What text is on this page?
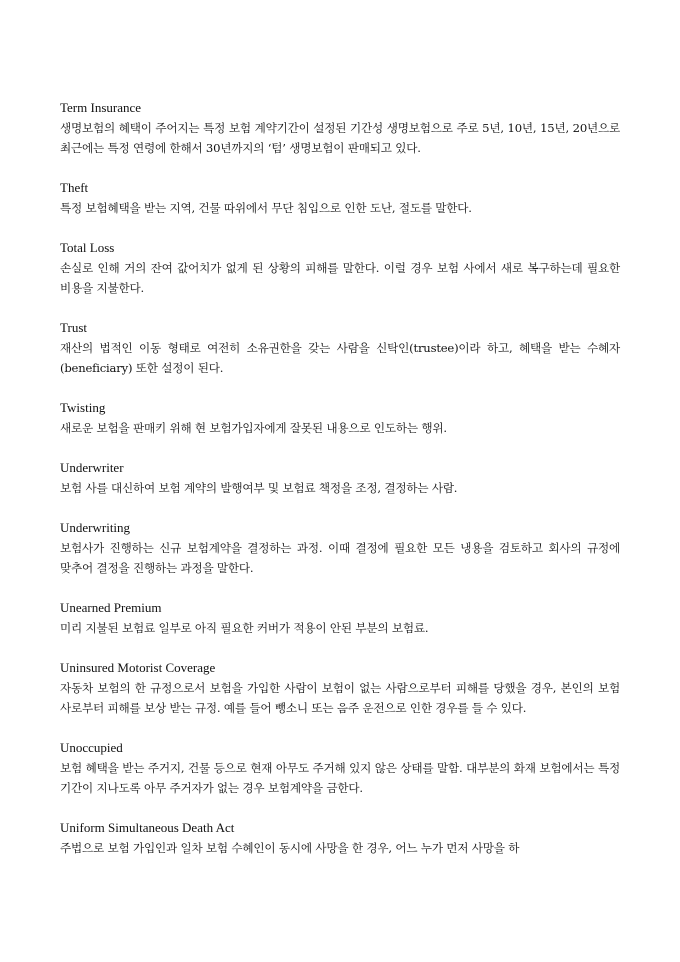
Term Insurance

생명보험의 혜택이 주어지는 특정 보험 계약기간이 설정된 기간성 생명보험으로 주로 5년, 10년, 15년, 20년으로 최근에는 특정 연령에 한해서 30년까지의 ‘텀’ 생명보험이 판매되고 있다.

Theft

특정 보험혜택을 받는 지역, 건물 따위에서 무단 침입으로 인한 도난, 절도를 말한다.

Total Loss

손실로 인해 거의 잔여 값어치가 없게 된 상황의 피해를 말한다. 이럴 경우 보험 사에서 새로 복구하는데 필요한 비용을 지불한다.

Trust

재산의 법적인 이동 형태로 여전히 소유권한을 갖는 사람을 신탁인(trustee)이라 하고, 혜택을 받는 수혜자(beneficiary) 또한 설정이 된다.

Twisting

새로운 보험을 판매키 위해 현 보험가입자에게 잘못된 내용으로 인도하는 행위.

Underwriter

보험 사를 대신하여 보험 계약의 발행여부 및 보험료 책정을 조정, 결정하는 사람.

Underwriting

보험사가 진행하는 신규 보험계약을 결정하는 과정. 이때 결정에 필요한 모든 냉용을 검토하고 회사의 규정에 맞추어 결정을 진행하는 과정을 말한다.

Unearned Premium

미리 지불된 보험료 일부로 아직 필요한 커버가 적용이 안된 부분의 보험료.

Uninsured Motorist Coverage

자동차 보험의 한 규정으로서 보험을 가입한 사람이 보험이 없는 사람으로부터 피해를 당했을 경우, 본인의 보험 사로부터 피해를 보상 받는 규정. 예를 들어 뺑소니 또는 음주 운전으로 인한 경우를 들 수 있다.

Unoccupied

보험 혜택을 받는 주거지, 건물 등으로 현재 아무도 주거해 있지 않은 상태를 말함. 대부분의 화재 보험에서는 특정 기간이 지나도록 아무 주거자가 없는 경우 보험계약을 금한다.

Uniform Simultaneous Death Act

주법으로 보험 가입인과 일차 보험 수혜인이 동시에 사망을 한 경우, 어느 누가 먼저 사망을 하
